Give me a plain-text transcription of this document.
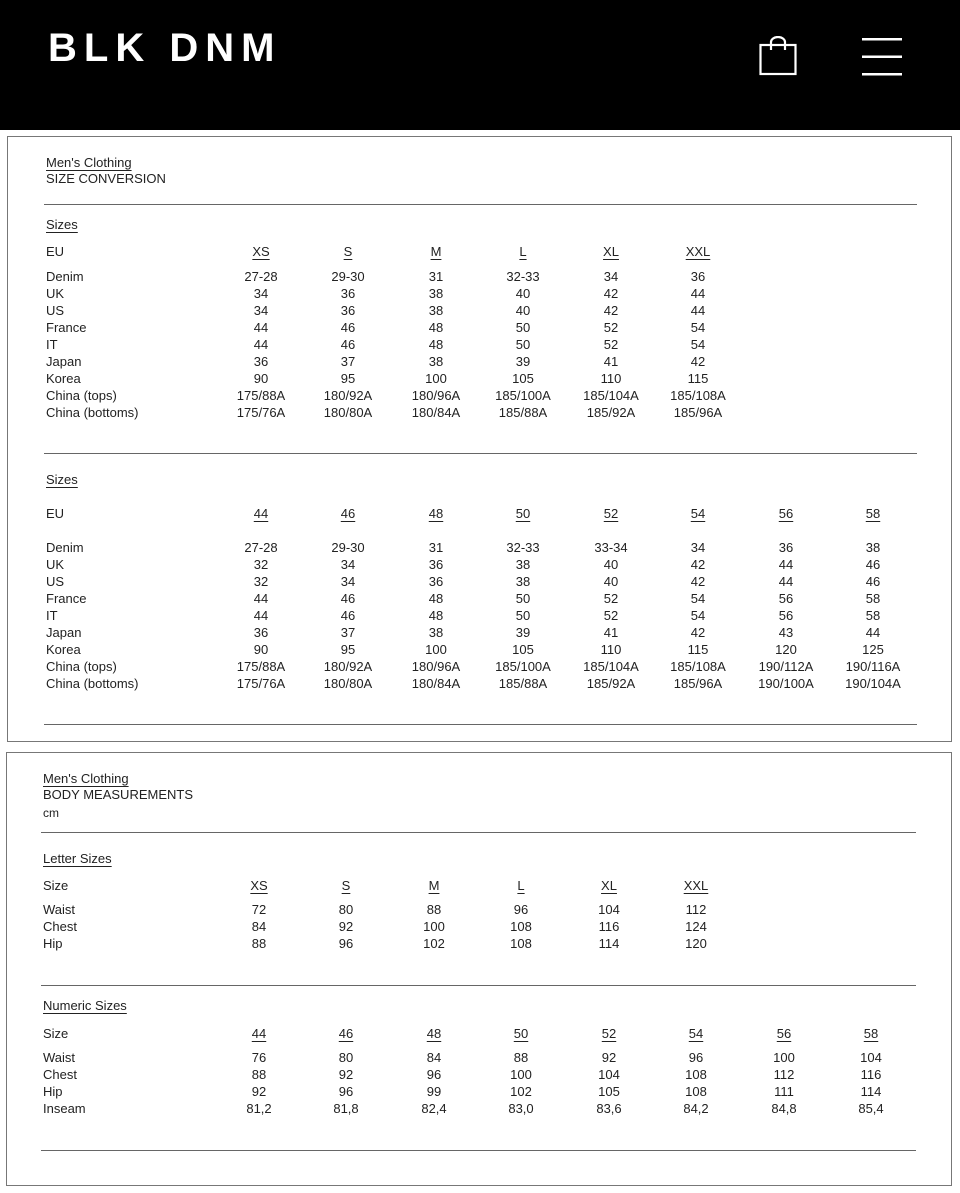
BLK DNM
Men's Clothing
SIZE CONVERSION
Sizes
Sizes
EU	XS	S	M	L	XL	XXL
Denim	27-28	29-30	31	32-33	34	36
UK	34	36	38	40	42	44
US	34	36	38	40	42	44
France	44	46	48	50	52	54
IT	44	46	48	50	52	54
Japan	36	37	38	39	41	42
Korea	90	95	100	105	110	115
China (tops)	175/88A	180/92A	180/96A	185/100A	185/104A	185/108A
China (bottoms)	175/76A	180/80A	180/84A	185/88A	185/92A	185/96A
EU	44	46	48	50	52	54	56	58
Denim	27-28	29-30	31	32-33	33-34	34	36	38
UK	32	34	36	38	40	42	44	46
US	32	34	36	38	40	42	44	46
France	44	46	48	50	52	54	56	58
IT	44	46	48	50	52	54	56	58
Japan	36	37	38	39	41	42	43	44
Korea	90	95	100	105	110	115	120	125
China (tops)	175/88A	180/92A	180/96A	185/100A	185/104A	185/108A	190/112A	190/116A
China (bottoms)	175/76A	180/80A	180/84A	185/88A	185/92A	185/96A	190/100A	190/104A
Men's Clothing
BODY MEASUREMENTS
cm
Letter Sizes
Numeric Sizes
Size	XS	S	M	L	XL	XXL
Waist	72	80	88	96	104	112
Chest	84	92	100	108	116	124
Hip	88	96	102	108	114	120
Size	44	46	48	50	52	54	56	58
Waist	76	80	84	88	92	96	100	104
Chest	88	92	96	100	104	108	112	116
Hip	92	96	99	102	105	108	111	114
Inseam	81,2	81,8	82,4	83,0	83,6	84,2	84,8	85,4
